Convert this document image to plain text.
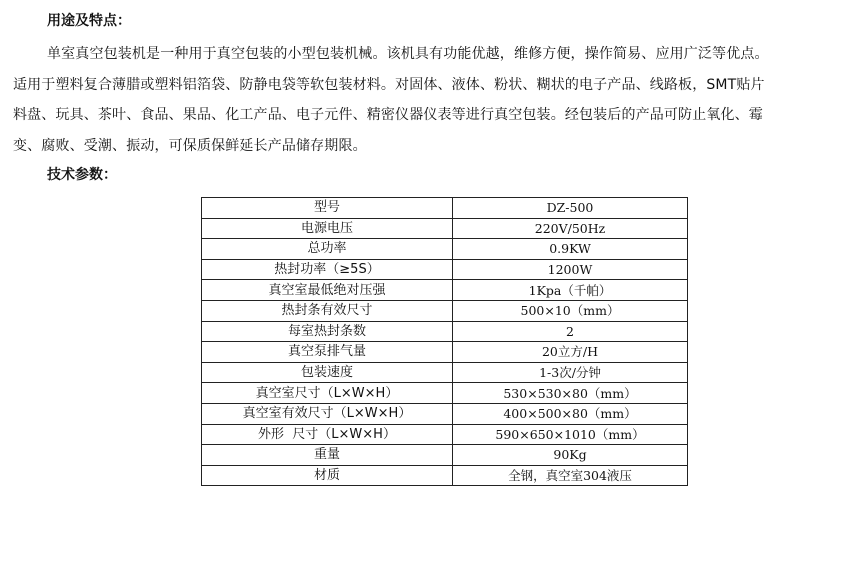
用途及特点：
单室真空包装机是一种用于真空包装的小型包装机械。该机具有功能优越，维修方便，操作简易、应用广泛等优点。
适用于塑料复合薄腊或塑料铝箔袋、防静电袋等软包装材料。对固体、液体、粉状、糊状的电子产品、线路板，SMT贴片
料盘、玩具、茶叶、食品、果品、化工产品、电子元件、精密仪器仪表等进行真空包装。经包装后的产品可防止氧化、霉
变、腐败、受潮、振动，可保质保鲜延长产品储存期限。
技术参数：
型号	DZ-500
电源电压	220V/50Hz
总功率	0.9KW
热封功率（≥5S）	1200W
真空室最低绝对压强	1Kpa（千帕）
热封条有效尺寸	500×10（mm）
每室热封条数	2
真空泵排气量	20立方/H
包装速度	1-3次/分钟
真空室尺寸（L×W×H）	530×530×80（mm）
真空室有效尺寸（L×W×H）	400×500×80（mm）
外形  尺寸（L×W×H）	590×650×1010（mm）
重量	90Kg
材质	全钢，真空室304液压
